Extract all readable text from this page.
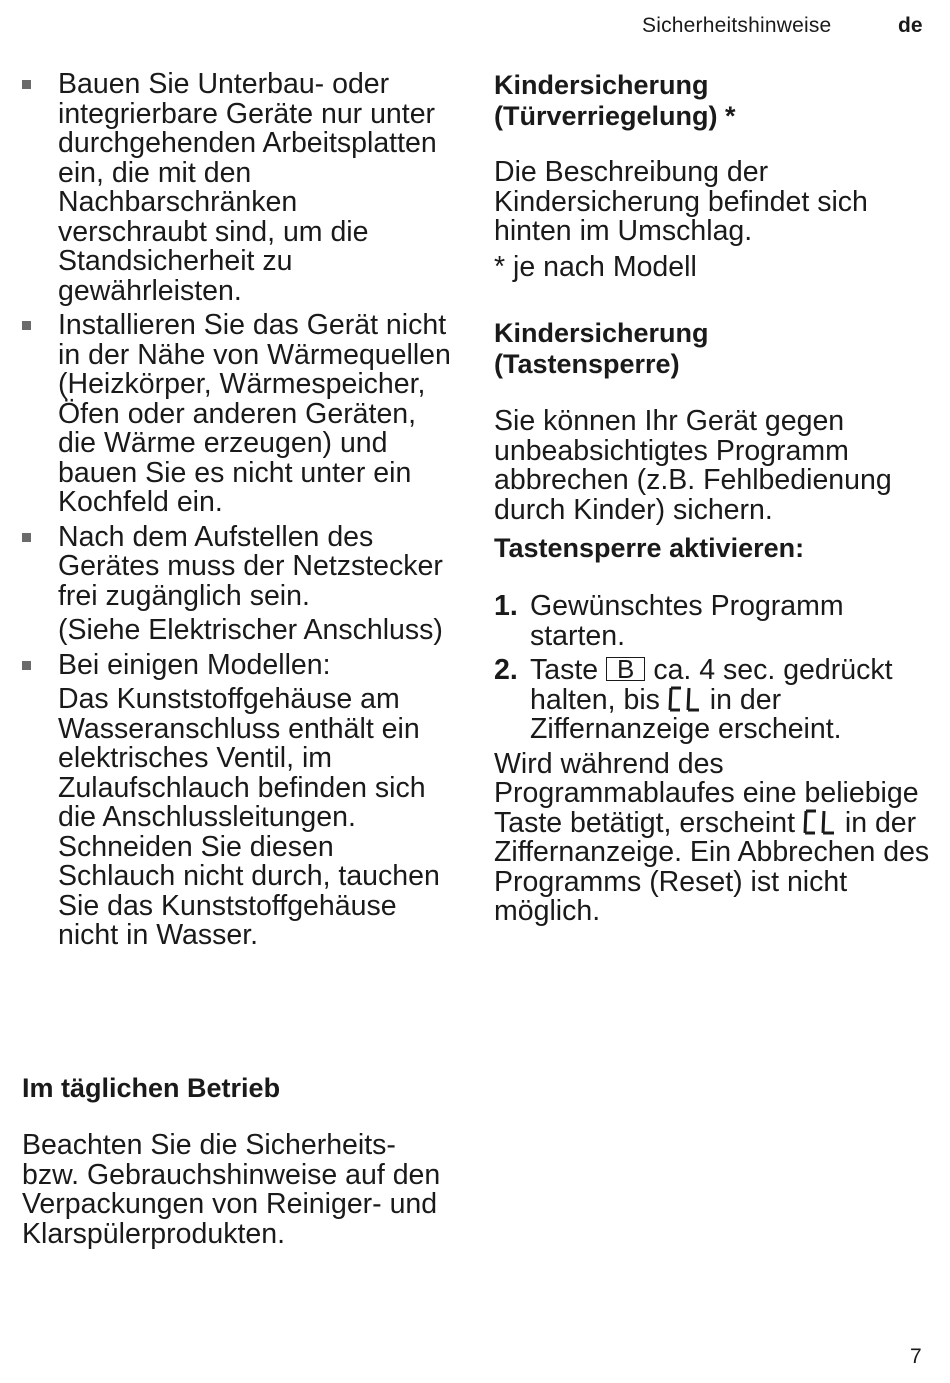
Sicherheitshinweise	de
Bauen Sie Unterbau- oder integrierbare Geräte nur unter durchgehenden Arbeitsplatten ein, die mit den Nachbarschränken verschraubt sind, um die Standsicherheit zu gewährleisten.
Installieren Sie das Gerät nicht in der Nähe von Wärmequellen (Heizkörper, Wärmespeicher, Öfen oder anderen Geräten, die Wärme erzeugen) und bauen Sie es nicht unter ein Kochfeld ein.
Nach dem Aufstellen des Gerätes muss der Netzstecker frei zugänglich sein.
(Siehe Elektrischer Anschluss)
Bei einigen Modellen:
Das Kunststoffgehäuse am Wasseranschluss enthält ein elektrisches Ventil, im Zulaufschlauch befinden sich die Anschlussleitungen. Schneiden Sie diesen Schlauch nicht durch, tauchen Sie das Kunststoffgehäuse nicht in Wasser.
Im täglichen Betrieb
Beachten Sie die Sicherheits- bzw. Gebrauchshinweise auf den Verpackungen von Reiniger- und Klarspülerprodukten.
Kindersicherung
(Türverriegelung) *
Die Beschreibung der Kindersicherung befindet sich hinten im Umschlag.
* je nach Modell
Kindersicherung
(Tastensperre)
Sie können Ihr Gerät gegen unbeabsichtigtes Programm abbrechen (z.B. Fehlbedienung durch Kinder) sichern.
Tastensperre aktivieren:
1. Gewünschtes Programm starten.
2. Taste B ca. 4 sec. gedrückt halten, bis in der Ziffernanzeige erscheint.
Wird während des Programmablaufes eine beliebige Taste betätigt, erscheint in der Ziffernanzeige. Ein Abbrechen des Programms (Reset) ist nicht möglich.
7
